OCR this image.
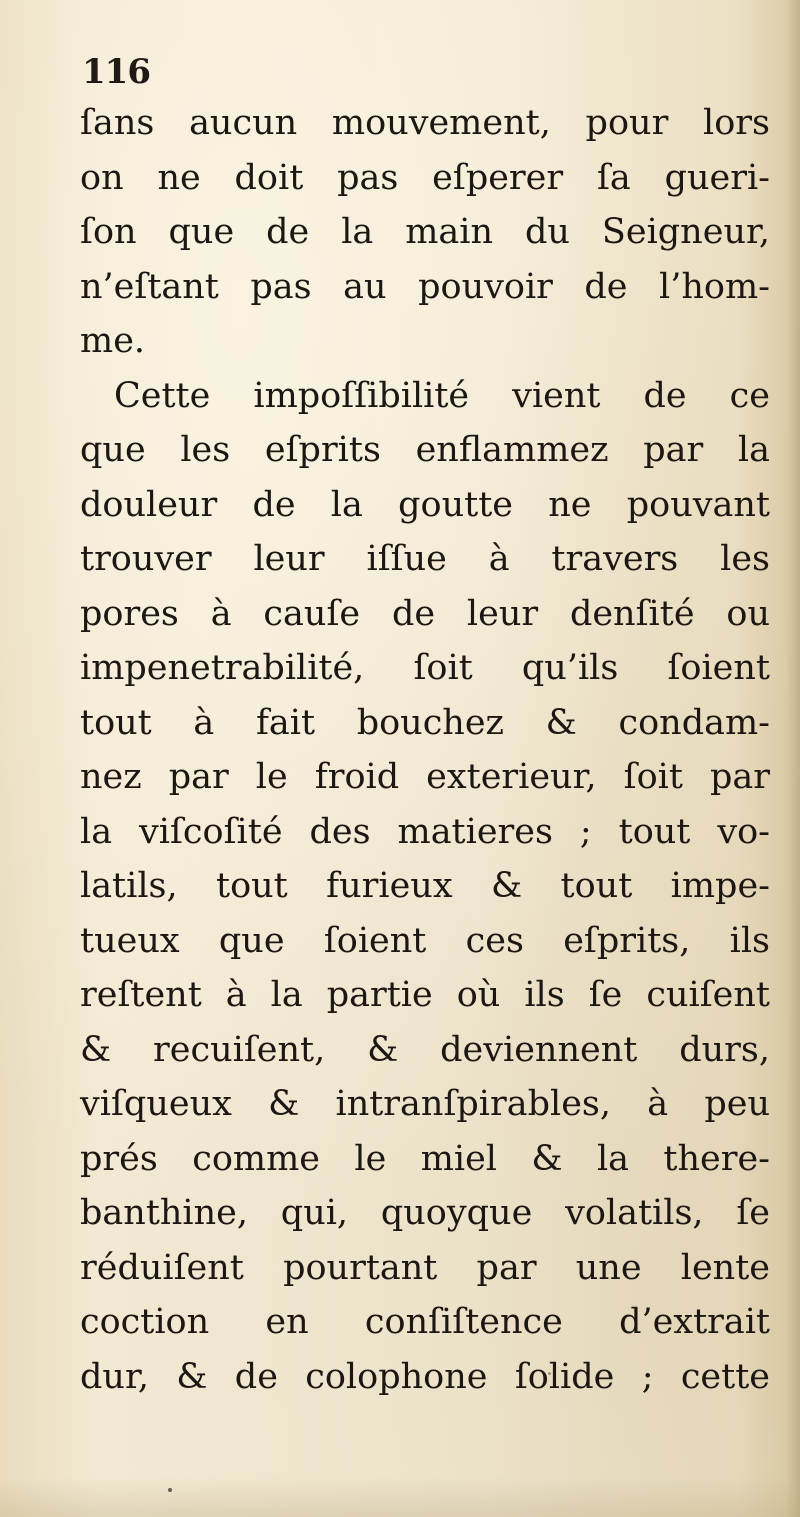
116
ſans aucun mouvement, pour lors
on ne doit pas eſperer ſa gueri-
ſon que de la main du Seigneur,
n’eſtant pas au pouvoir de l’hom-
me.
Cette impoſſibilité vient de ce
que les eſprits enflammez par la
douleur de la goutte ne pouvant
trouver leur iſſue à travers les
pores à cauſe de leur denſité ou
impenetrabilité, ſoit qu’ils ſoient
tout à fait bouchez & condam-
nez par le froid exterieur, ſoit par
la viſcoſité des matieres ; tout vo-
latils, tout furieux & tout impe-
tueux que ſoient ces eſprits, ils
reſtent à la partie où ils ſe cuiſent
& recuiſent, & deviennent durs,
viſqueux & intranſpirables, à peu
prés comme le miel & la there-
banthine, qui, quoyque volatils, ſe
réduiſent pourtant par une lente
coction en conſiſtence d’extrait
dur, & de colophone ſolide ; cette
